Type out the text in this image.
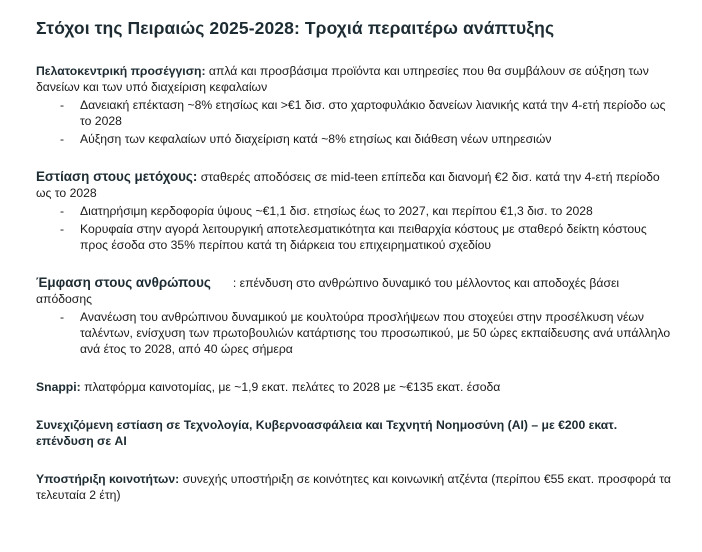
Στόχοι της Πειραιώς 2025-2028: Τροχιά περαιτέρω ανάπτυξης

Πελατοκεντρική προσέγγιση: απλά και προσβάσιμα προϊόντα και υπηρεσίες που θα συμβάλουν σε αύξηση των δανείων και των υπό διαχείριση κεφαλαίων

- Δανειακή επέκταση ~8% ετησίως και >€1 δισ. στο χαρτοφυλάκιο δανείων λιανικής κατά την 4-ετή περίοδο ως το 2028
- Αύξηση των κεφαλαίων υπό διαχείριση κατά ~8% ετησίως και διάθεση νέων υπηρεσιών

Εστίαση στους μετόχους: σταθερές αποδόσεις σε mid-teen επίπεδα και διανομή €2 δισ. κατά την 4-ετή περίοδο ως το 2028

- Διατηρήσιμη κερδοφορία ύψους ~€1,1 δισ. ετησίως έως το 2027, και περίπου €1,3 δισ. το 2028
- Κορυφαία στην αγορά λειτουργική αποτελεσματικότητα και πειθαρχία κόστους με σταθερό δείκτη κόστους προς έσοδα στο 35% περίπου κατά τη διάρκεια του επιχειρηματικού σχεδίου

Έμφαση στους ανθρώπους : επένδυση στο ανθρώπινο δυναμικό του μέλλοντος και αποδοχές βάσει απόδοσης

- Ανανέωση του ανθρώπινου δυναμικού με κουλτούρα προσλήψεων που στοχεύει στην προσέλκυση νέων ταλέντων, ενίσχυση των πρωτοβουλιών κατάρτισης του προσωπικού, με 50 ώρες εκπαίδευσης ανά υπάλληλο ανά έτος το 2028, από 40 ώρες σήμερα

Snappi: πλατφόρμα καινοτομίας, με ~1,9 εκατ. πελάτες το 2028 με ~€135 εκατ. έσοδα

Συνεχιζόμενη εστίαση σε Τεχνολογία, Κυβερνοασφάλεια και Τεχνητή Νοημοσύνη (AI) – με €200 εκατ. επένδυση σε AI

Υποστήριξη κοινοτήτων: συνεχής υποστήριξη σε κοινότητες και κοινωνική ατζέντα (περίπου €55 εκατ. προσφορά τα τελευταία 2 έτη)
